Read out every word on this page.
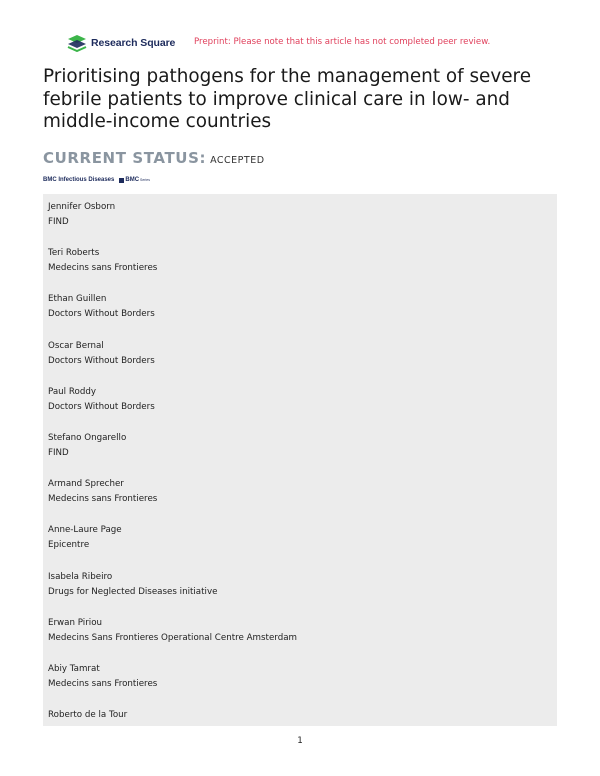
Research Square Preprint: Please note that this article has not completed peer review.
Prioritising pathogens for the management of severe febrile patients to improve clinical care in low- and middle-income countries
CURRENT STATUS: ACCEPTED
BMC Infectious Diseases BMC Series
Jennifer Osborn
FIND
Teri Roberts
Medecins sans Frontieres
Ethan Guillen
Doctors Without Borders
Oscar Bernal
Doctors Without Borders
Paul Roddy
Doctors Without Borders
Stefano Ongarello
FIND
Armand Sprecher
Medecins sans Frontieres
Anne-Laure Page
Epicentre
Isabela Ribeiro
Drugs for Neglected Diseases initiative
Erwan Piriou
Medecins Sans Frontieres Operational Centre Amsterdam
Abiy Tamrat
Medecins sans Frontieres
Roberto de la Tour
1
